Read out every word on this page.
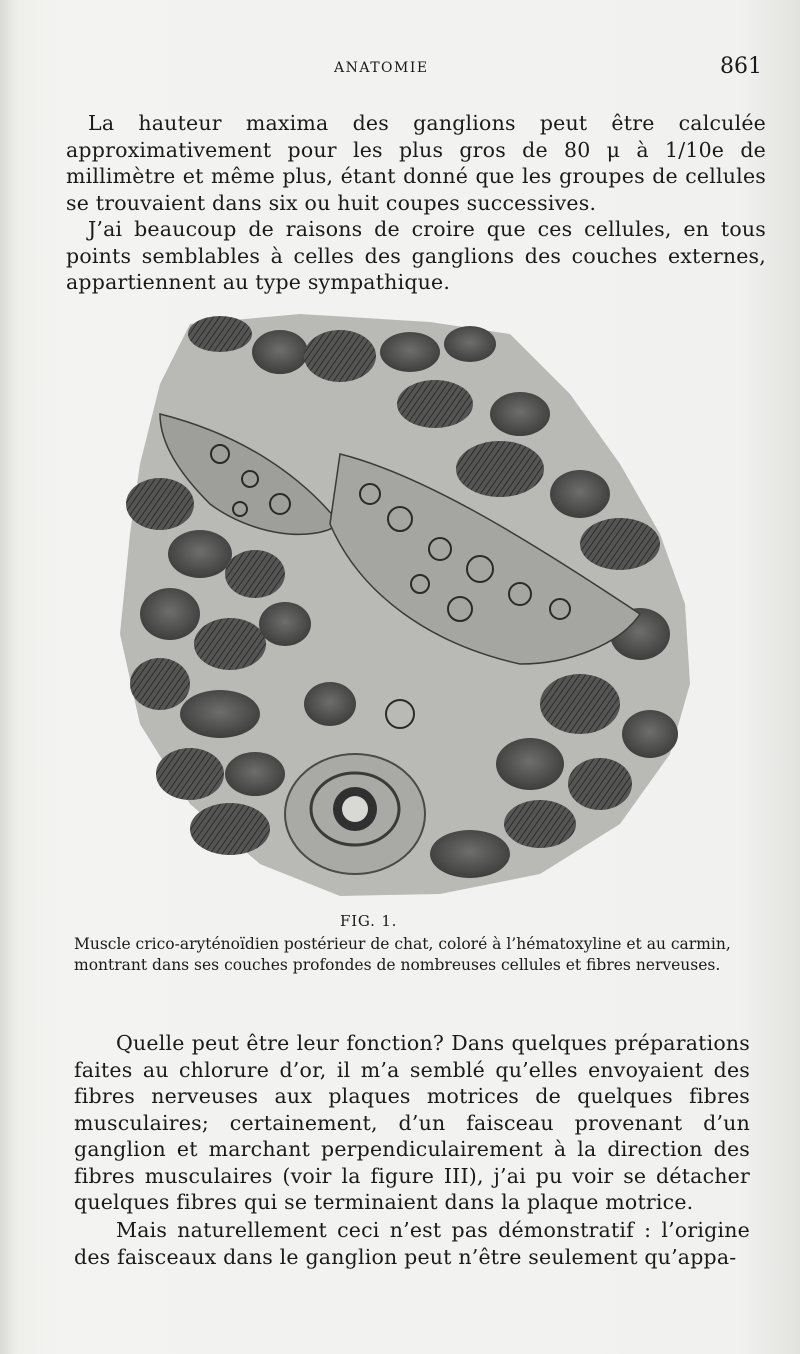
ANATOMIE	861

La hauteur maxima des ganglions peut être calculée approximativement pour les plus gros de 80 μ à 1/10e de millimètre et même plus, étant donné que les groupes de cellules se trouvaient dans six ou huit coupes successives.

J’ai beaucoup de raisons de croire que ces cellules, en tous points semblables à celles des ganglions des couches externes, appartiennent au type sympathique.

FIG. 1.

Muscle crico-aryténoïdien postérieur de chat, coloré à l’hématoxyline et au carmin, montrant dans ses couches profondes de nombreuses cellules et fibres nerveuses.

Quelle peut être leur fonction? Dans quelques préparations faites au chlorure d’or, il m’a semblé qu’elles envoyaient des fibres nerveuses aux plaques motrices de quelques fibres musculaires; certainement, d’un faisceau provenant d’un ganglion et marchant perpendiculairement à la direction des fibres musculaires (voir la figure III), j’ai pu voir se détacher quelques fibres qui se terminaient dans la plaque motrice.

Mais naturellement ceci n’est pas démonstratif : l’origine des faisceaux dans le ganglion peut n’être seulement qu’appa-
